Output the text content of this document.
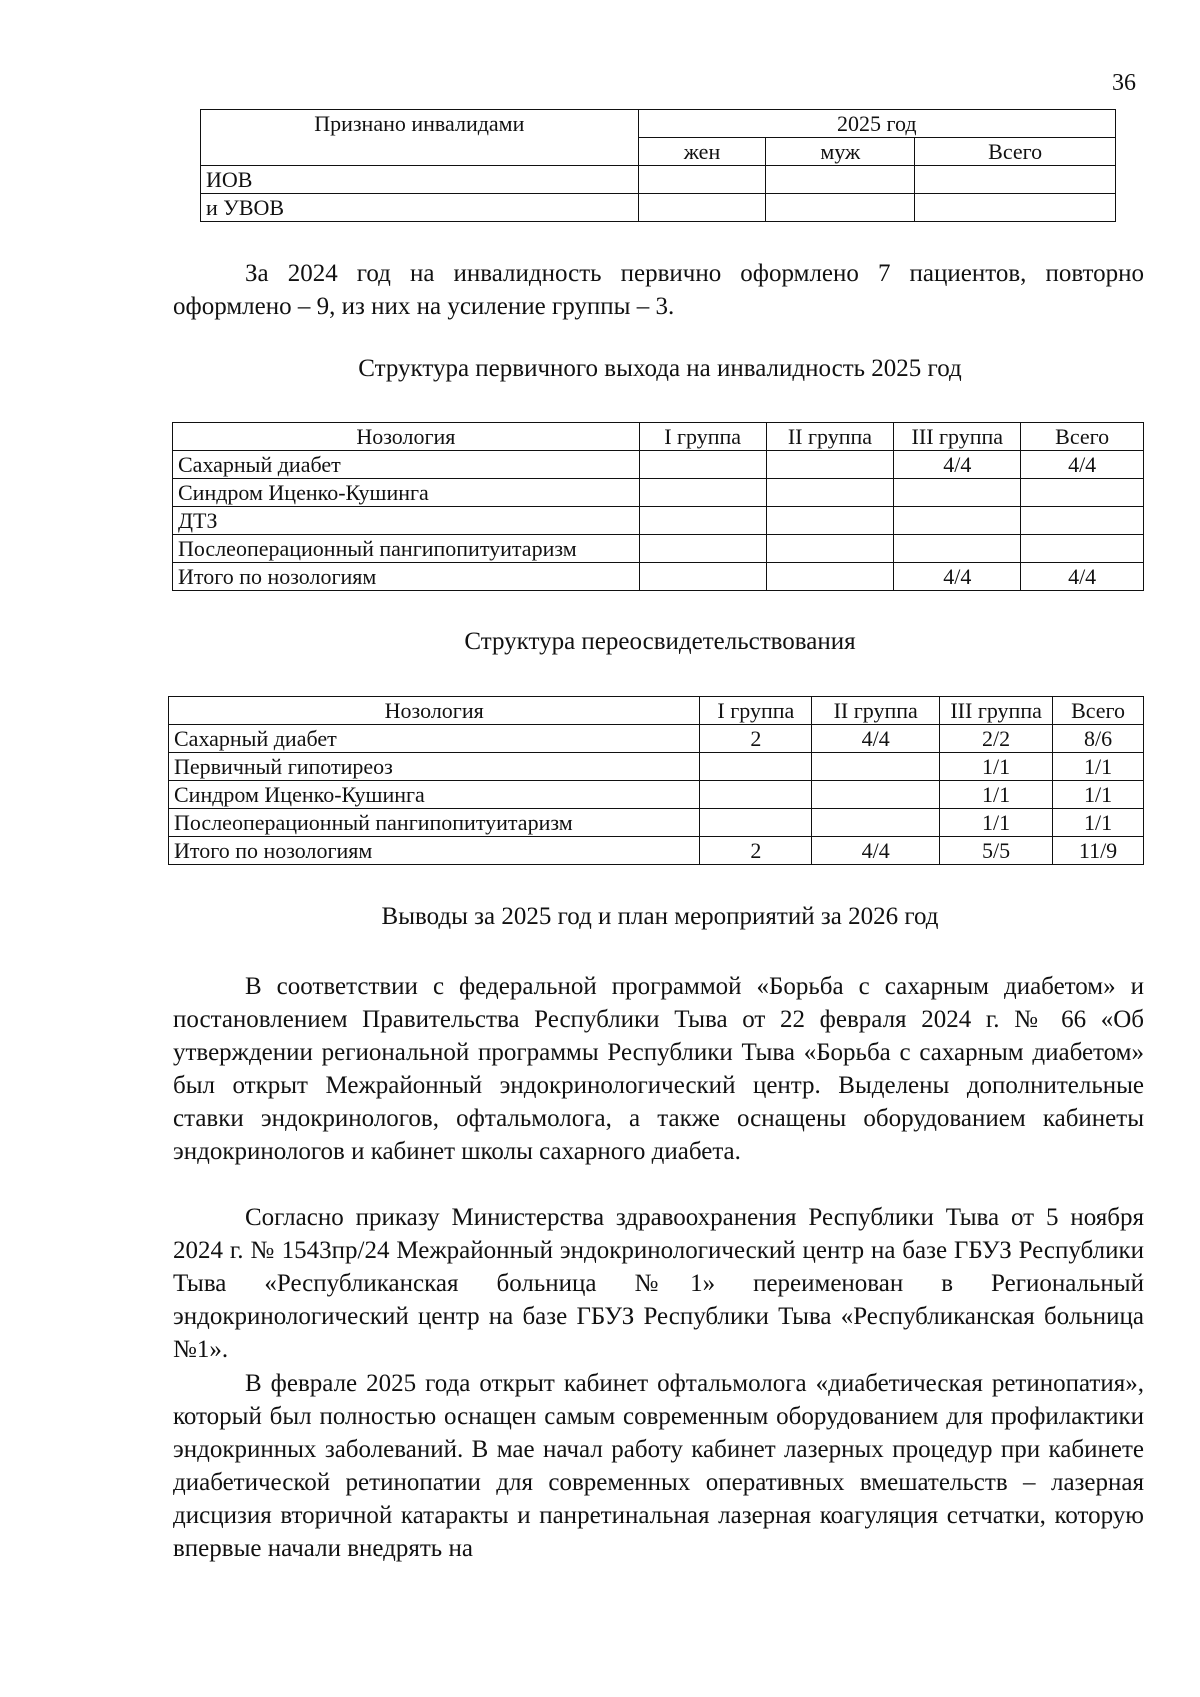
36
Признано инвалидами	2025 год		
	жен	муж	Всего
ИОВ			
и УВОВ			

За 2024 год на инвалидность первично оформлено 7 пациентов, повторно оформлено – 9, из них на усиление группы – 3.

Структура первичного выхода на инвалидность 2025 год
Нозология	I группа	II группа	III группа	Всего
Сахарный диабет			4/4	4/4
Синдром Иценко-Кушинга				
ДТЗ				
Послеоперационный пангипопитуитаризм				
Итого по нозологиям			4/4	4/4
Структура переосвидетельствования
Нозология	I группа	II группа	III группа	Всего
Сахарный диабет	2	4/4	2/2	8/6
Первичный гипотиреоз			1/1	1/1
Синдром Иценко-Кушинга			1/1	1/1
Послеоперационный пангипопитуитаризм			1/1	1/1
Итого по нозологиям	2	4/4	5/5	11/9
Выводы за 2025 год и план мероприятий за 2026 год

В соответствии с федеральной программой «Борьба с сахарным диабетом» и постановлением Правительства Республики Тыва от 22 февраля 2024 г. № 66 «Об утверждении региональной программы Республики Тыва «Борьба с сахарным диабетом» был открыт Межрайонный эндокринологический центр. Выделены дополнительные ставки эндокринологов, офтальмолога, а также оснащены оборудованием кабинеты эндокринологов и кабинет школы сахарного диабета.

Согласно приказу Министерства здравоохранения Республики Тыва от 5 ноября 2024 г. № 1543пр/24 Межрайонный эндокринологический центр на базе ГБУЗ Республики Тыва «Республиканская больница №1» переименован в Региональный эндокринологический центр на базе ГБУЗ Республики Тыва «Республиканская больница №1».

В феврале 2025 года открыт кабинет офтальмолога «диабетическая ретинопатия», который был полностью оснащен самым современным оборудованием для профилактики эндокринных заболеваний. В мае начал работу кабинет лазерных процедур при кабинете диабетической ретинопатии для современных оперативных вмешательств – лазерная дисцизия вторичной катаракты и панретинальная лазерная коагуляция сетчатки, которую впервые начали внедрять на
